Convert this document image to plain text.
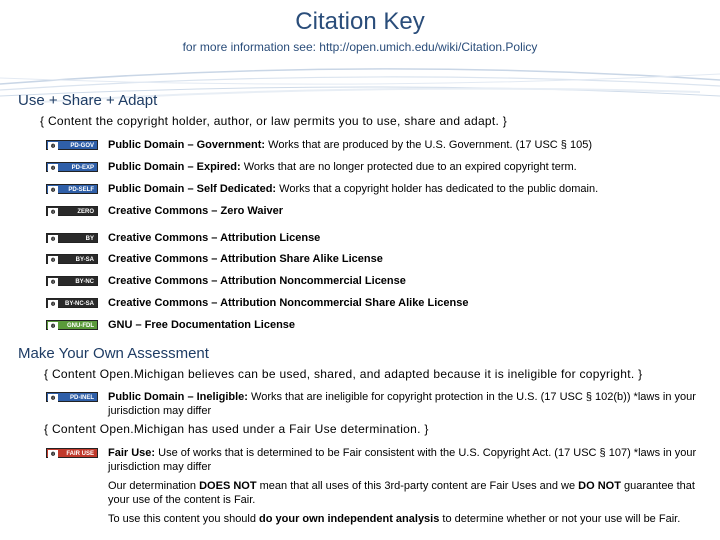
Citation Key
for more information see: http://open.umich.edu/wiki/Citation.Policy
Use + Share + Adapt
{ Content the copyright holder, author, or law permits you to use, share and adapt. }
◍	PD-GOV	Public Domain – Government: Works that are produced by the U.S. Government. (17 USC § 105)
◍	PD-EXP	Public Domain – Expired: Works that are no longer protected due to an expired copyright term.
◍	PD-SELF	Public Domain – Self Dedicated: Works that a copyright holder has dedicated to the public domain.
◍	ZERO	Creative Commons – Zero Waiver
◍	BY	Creative Commons – Attribution License
◍	BY-SA	Creative Commons – Attribution Share Alike License
◍	BY-NC	Creative Commons – Attribution Noncommercial License
◍	BY-NC-SA	Creative Commons – Attribution Noncommercial Share Alike License
◍	GNU-FDL	GNU – Free Documentation License
Make Your Own Assessment
{ Content Open.Michigan believes can be used, shared, and adapted because it is ineligible for copyright. }
◍	PD-INEL	Public Domain – Ineligible: Works that are ineligible for copyright protection in the U.S. (17 USC § 102(b)) *laws in your jurisdiction may differ
{ Content Open.Michigan has used under a Fair Use determination. }
◍	FAIR USE	Fair Use: Use of works that is determined to be Fair consistent with the U.S. Copyright Act. (17 USC § 107) *laws in your jurisdiction may differ
Our determination DOES NOT mean that all uses of this 3rd-party content are Fair Uses and we DO NOT guarantee that your use of the content is Fair.
To use this content you should do your own independent analysis to determine whether or not your use will be Fair.
